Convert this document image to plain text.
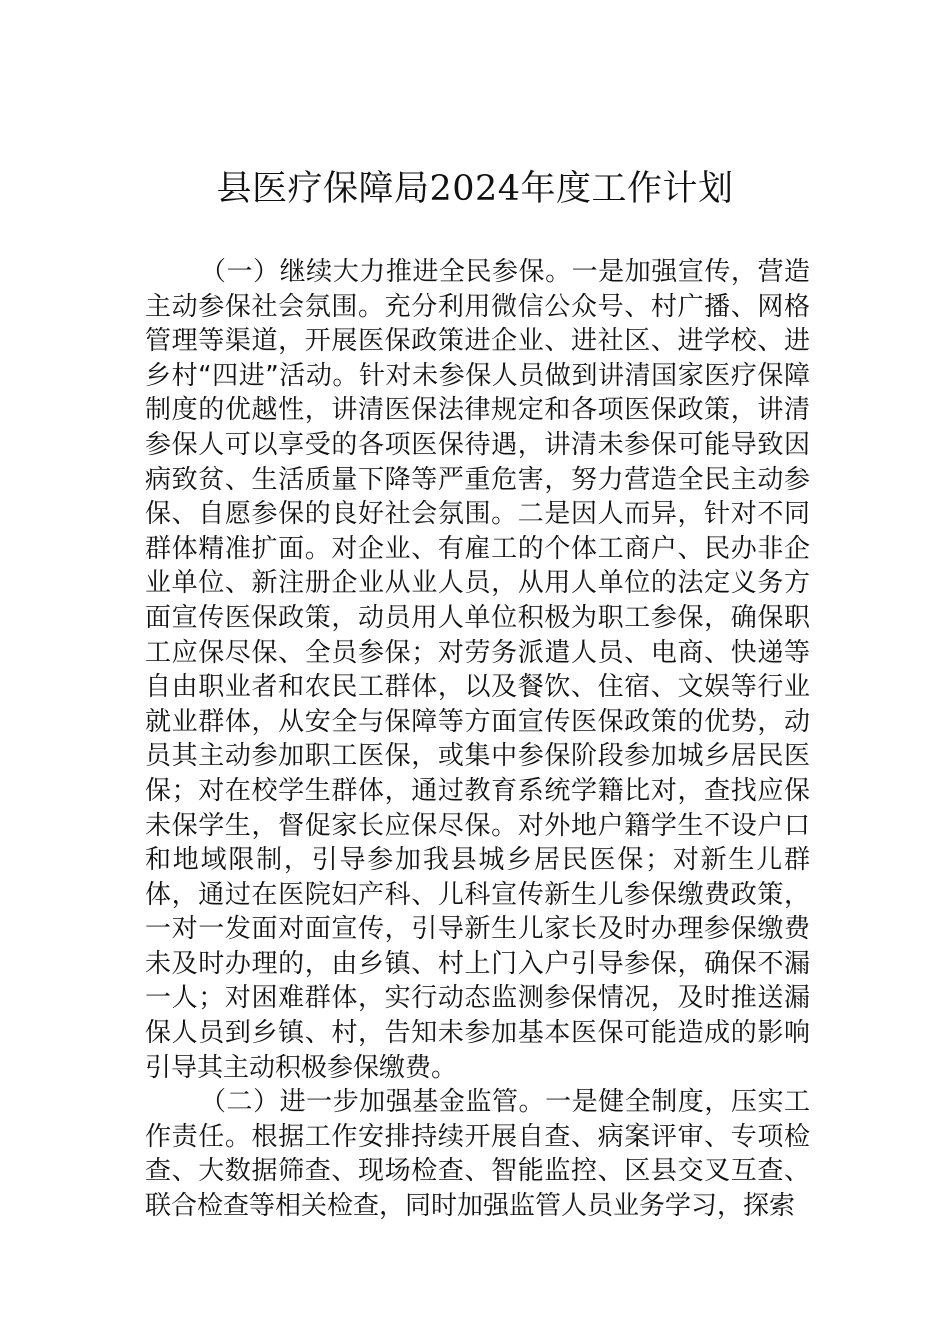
县医疗保障局2024年度工作计划

（一）继续大力推进全民参保。一是加强宣传，营造主动参保社会氛围。充分利用微信公众号、村广播、网格管理等渠道，开展医保政策进企业、进社区、进学校、进乡村“四进”活动。针对未参保人员做到讲清国家医疗保障制度的优越性，讲清医保法律规定和各项医保政策，讲清参保人可以享受的各项医保待遇，讲清未参保可能导致因病致贫、生活质量下降等严重危害，努力营造全民主动参保、自愿参保的良好社会氛围。二是因人而异，针对不同群体精准扩面。对企业、有雇工的个体工商户、民办非企业单位、新注册企业从业人员，从用人单位的法定义务方面宣传医保政策，动员用人单位积极为职工参保，确保职工应保尽保、全员参保；对劳务派遣人员、电商、快递等自由职业者和农民工群体，以及餐饮、住宿、文娱等行业就业群体，从安全与保障等方面宣传医保政策的优势，动员其主动参加职工医保，或集中参保阶段参加城乡居民医保；对在校学生群体，通过教育系统学籍比对，查找应保未保学生，督促家长应保尽保。对外地户籍学生不设户口和地域限制，引导参加我县城乡居民医保；对新生儿群体，通过在医院妇产科、儿科宣传新生儿参保缴费政策，一对一发面对面宣传，引导新生儿家长及时办理参保缴费未及时办理的，由乡镇、村上门入户引导参保，确保不漏一人；对困难群体，实行动态监测参保情况，及时推送漏保人员到乡镇、村，告知未参加基本医保可能造成的影响引导其主动积极参保缴费。

（二）进一步加强基金监管。一是健全制度，压实工作责任。根据工作安排持续开展自查、病案评审、专项检查、大数据筛查、现场检查、智能监控、区县交叉互查、联合检查等相关检查，同时加强监管人员业务学习，探索
